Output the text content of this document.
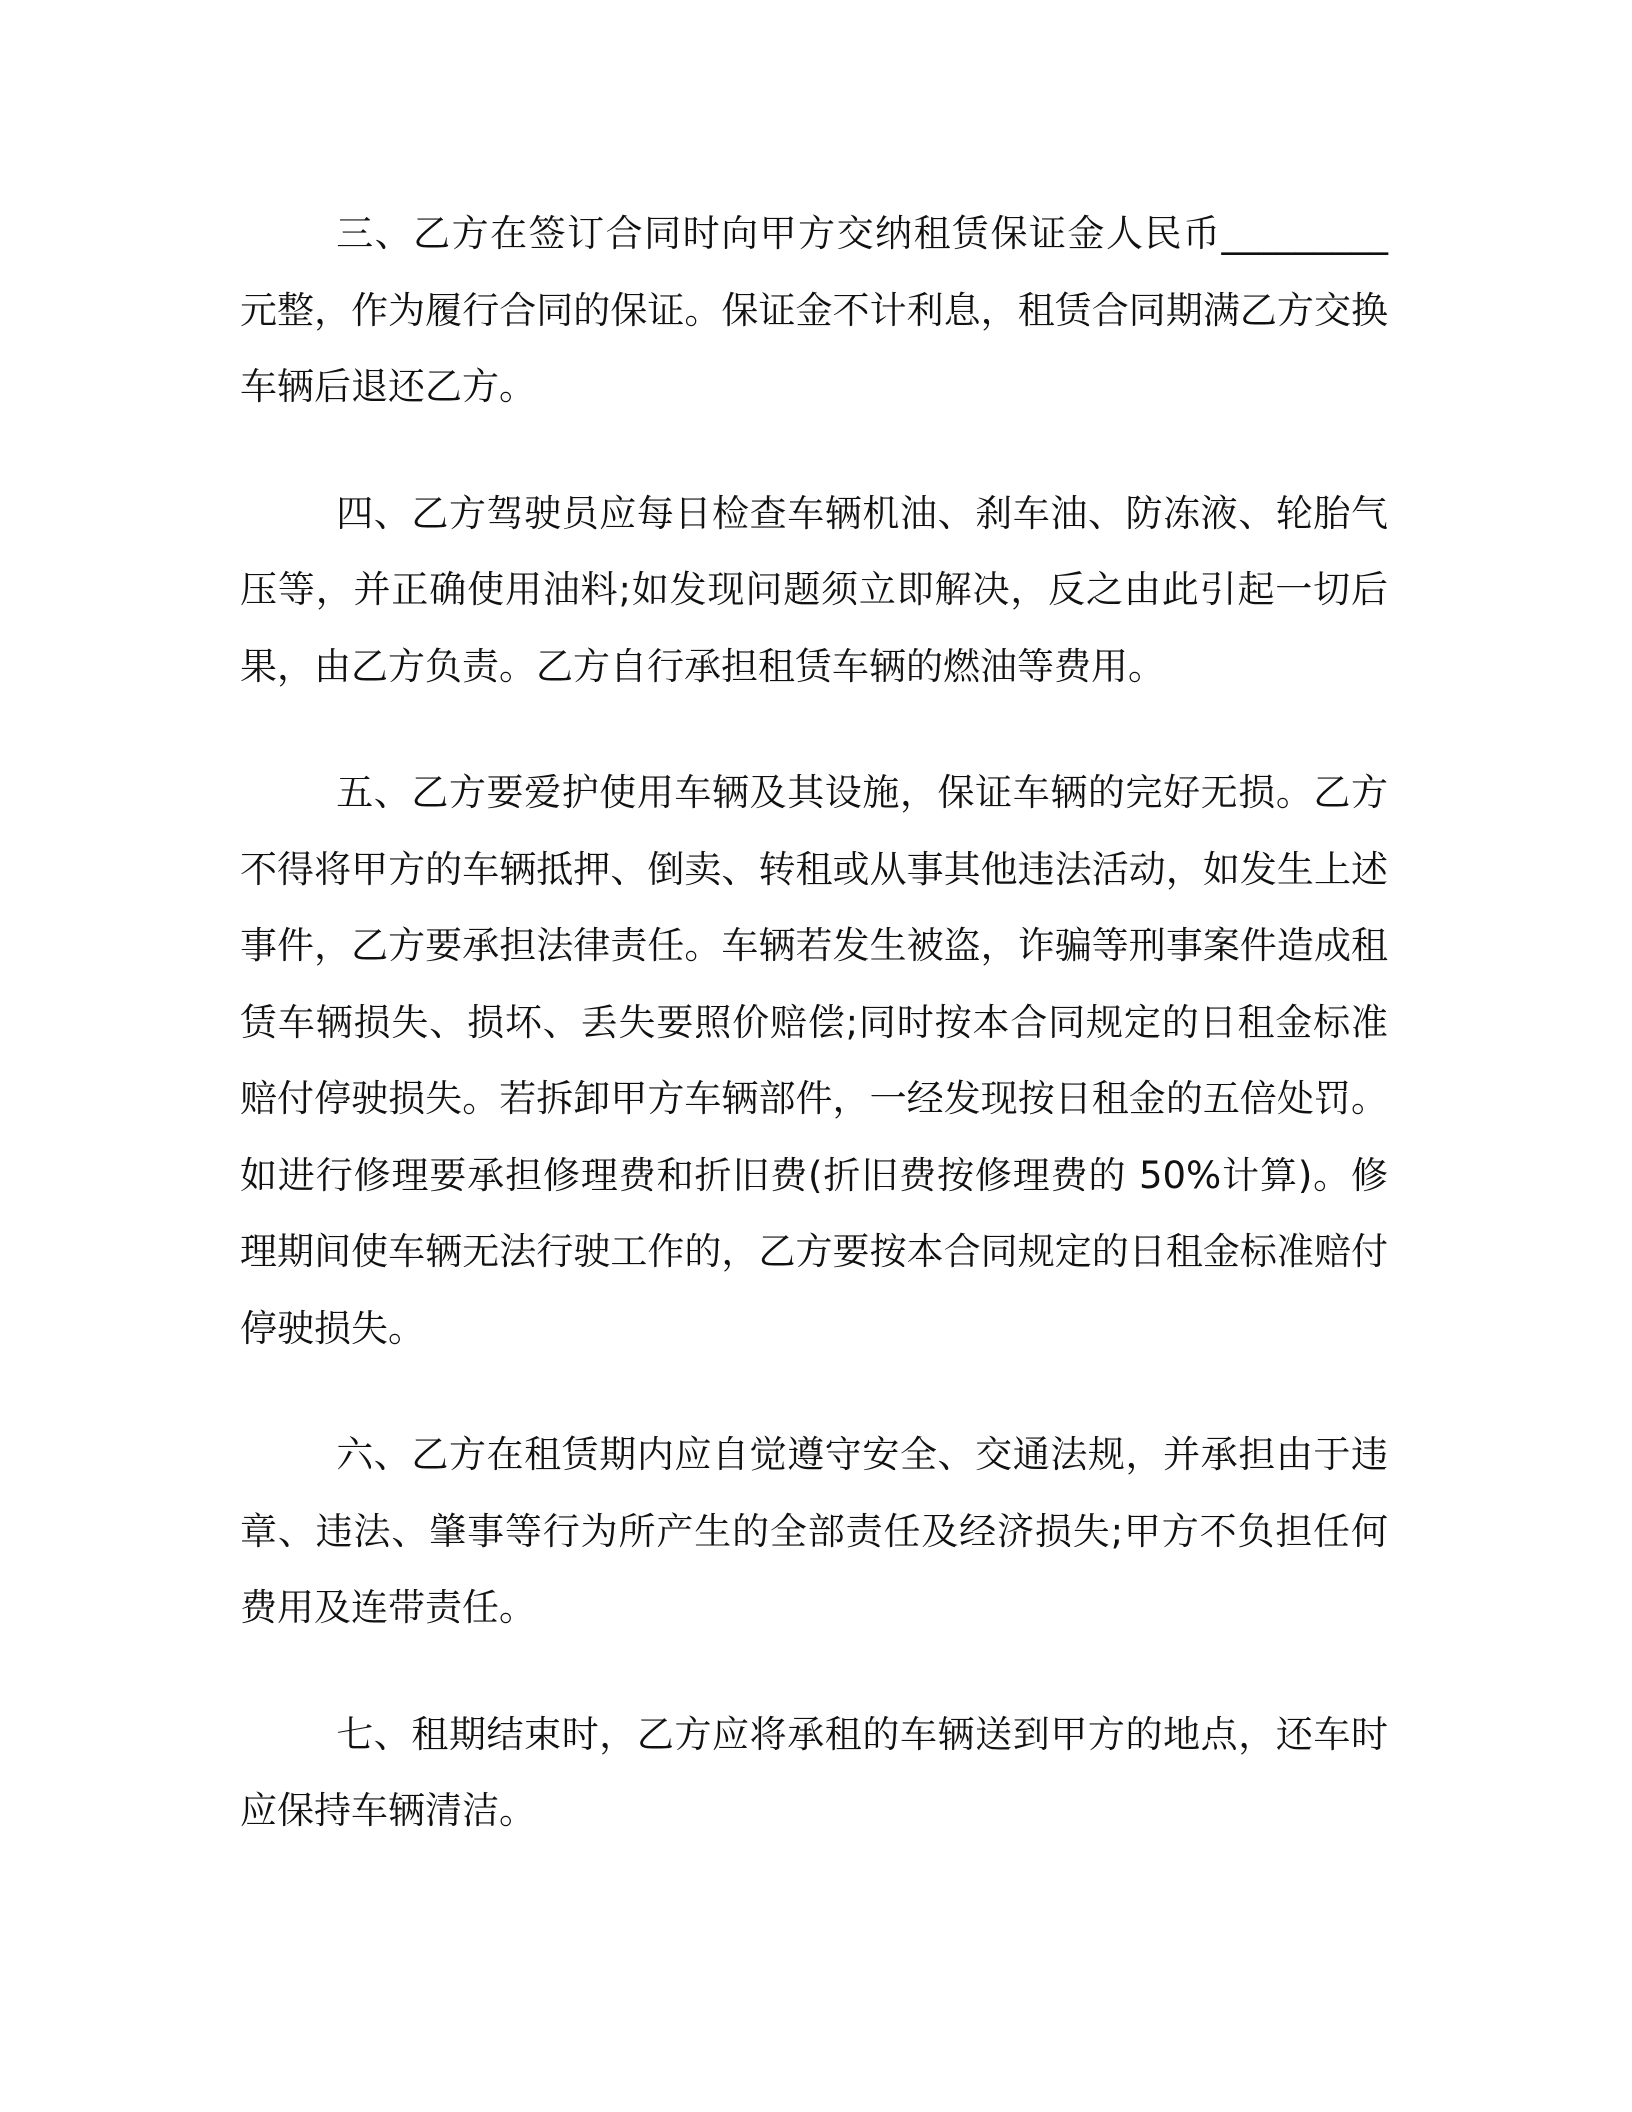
三、乙方在签订合同时向甲方交纳租赁保证金人民币_________元整，作为履行合同的保证。保证金不计利息，租赁合同期满乙方交换车辆后退还乙方。

四、乙方驾驶员应每日检查车辆机油、刹车油、防冻液、轮胎气压等，并正确使用油料;如发现问题须立即解决，反之由此引起一切后果，由乙方负责。乙方自行承担租赁车辆的燃油等费用。

五、乙方要爱护使用车辆及其设施，保证车辆的完好无损。乙方不得将甲方的车辆抵押、倒卖、转租或从事其他违法活动，如发生上述事件，乙方要承担法律责任。车辆若发生被盗，诈骗等刑事案件造成租赁车辆损失、损坏、丢失要照价赔偿;同时按本合同规定的日租金标准赔付停驶损失。若拆卸甲方车辆部件，一经发现按日租金的五倍处罚。如进行修理要承担修理费和折旧费(折旧费按修理费的 50%计算)。修理期间使车辆无法行驶工作的，乙方要按本合同规定的日租金标准赔付停驶损失。

六、乙方在租赁期内应自觉遵守安全、交通法规，并承担由于违章、违法、肇事等行为所产生的全部责任及经济损失;甲方不负担任何费用及连带责任。

七、租期结束时，乙方应将承租的车辆送到甲方的地点，还车时应保持车辆清洁。
